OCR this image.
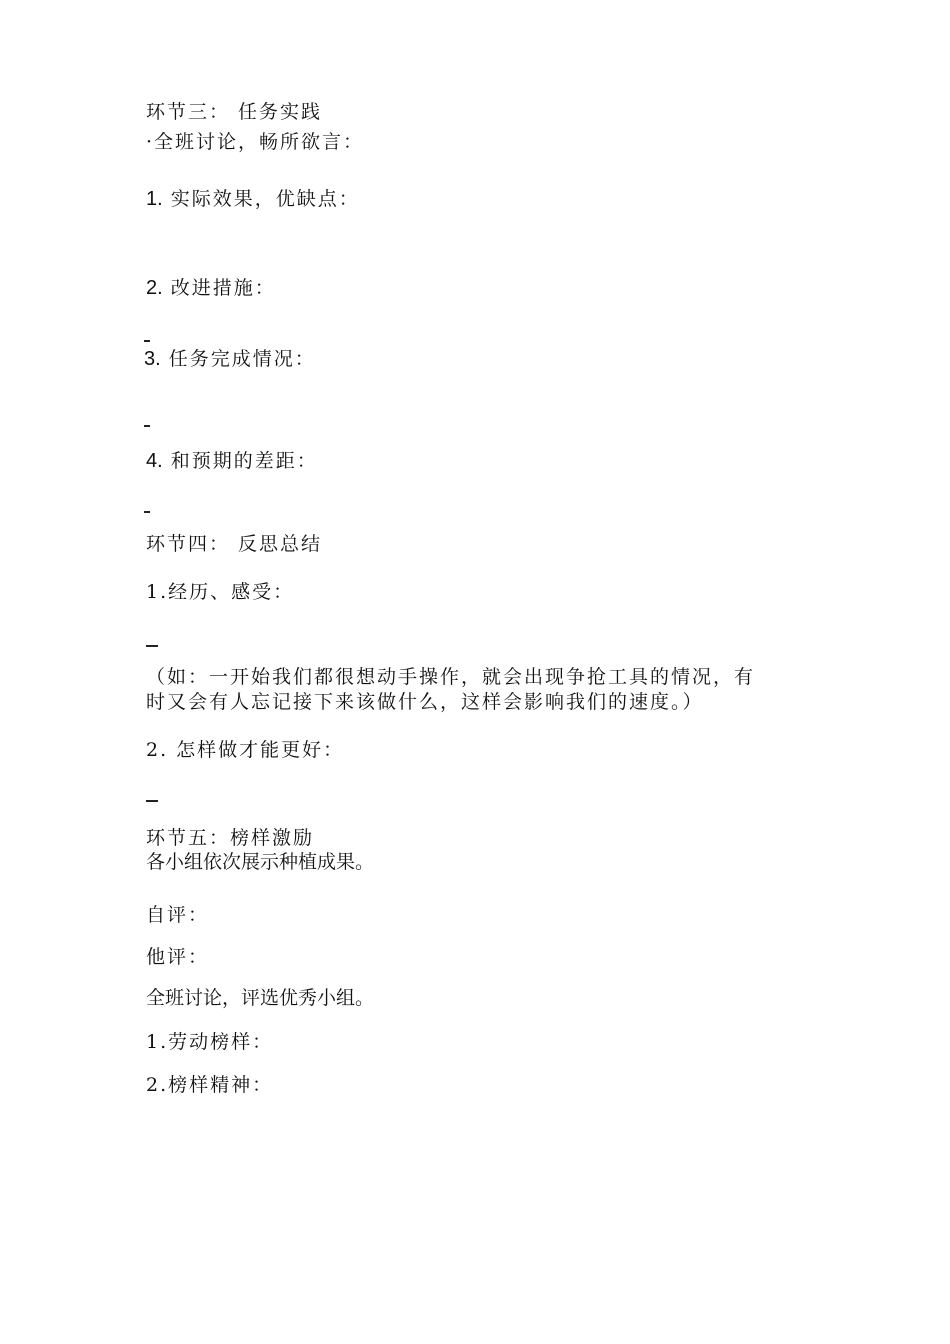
环节三： 任务实践
·全班讨论，畅所欲言：
1. 实际效果，优缺点：
2. 改进措施：
3. 任务完成情况：
4. 和预期的差距：
环节四： 反思总结
1.经历、感受：
（如：一开始我们都很想动手操作，就会出现争抢工具的情况，有
时又会有人忘记接下来该做什么，这样会影响我们的速度。）
2. 怎样做才能更好：
环节五：榜样激励
各小组依次展示种植成果。
自评：
他评：
全班讨论，评选优秀小组。
1.劳动榜样：
2.榜样精神：
